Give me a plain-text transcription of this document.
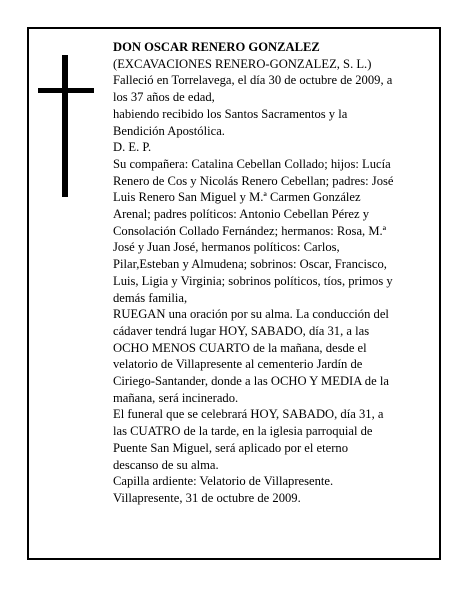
DON OSCAR RENERO GONZALEZ
(EXCAVACIONES RENERO-GONZALEZ, S. L.)

Falleció en Torrelavega, el día 30 de octubre de 2009, a
los 37 años de edad,

habiendo recibido los Santos Sacramentos y la
Bendición Apostólica.

D. E. P.

Su compañera: Catalina Cebellan Collado; hijos: Lucía
Renero de Cos y Nicolás Renero Cebellan; padres: José
Luis Renero San Miguel y M.ª Carmen González
Arenal; padres políticos: Antonio Cebellan Pérez y
Consolación Collado Fernández; hermanos: Rosa, M.ª
José y Juan José, hermanos políticos: Carlos,
Pilar,Esteban y Almudena; sobrinos: Oscar, Francisco,
Luis, Ligia y Virginia; sobrinos políticos, tíos, primos y
demás familia,

RUEGAN una oración por su alma. La conducción del
cádaver tendrá lugar HOY, SABADO, día 31, a las
OCHO MENOS CUARTO de la mañana, desde el
velatorio de Villapresente al cementerio Jardín de
Ciriego-Santander, donde a las OCHO Y MEDIA de la
mañana, será incinerado.

El funeral que se celebrará HOY, SABADO, día 31, a
las CUATRO de la tarde, en la iglesia parroquial de
Puente San Miguel, será aplicado por el eterno
descanso de su alma.

Capilla ardiente: Velatorio de Villapresente.

Villapresente, 31 de octubre de 2009.
